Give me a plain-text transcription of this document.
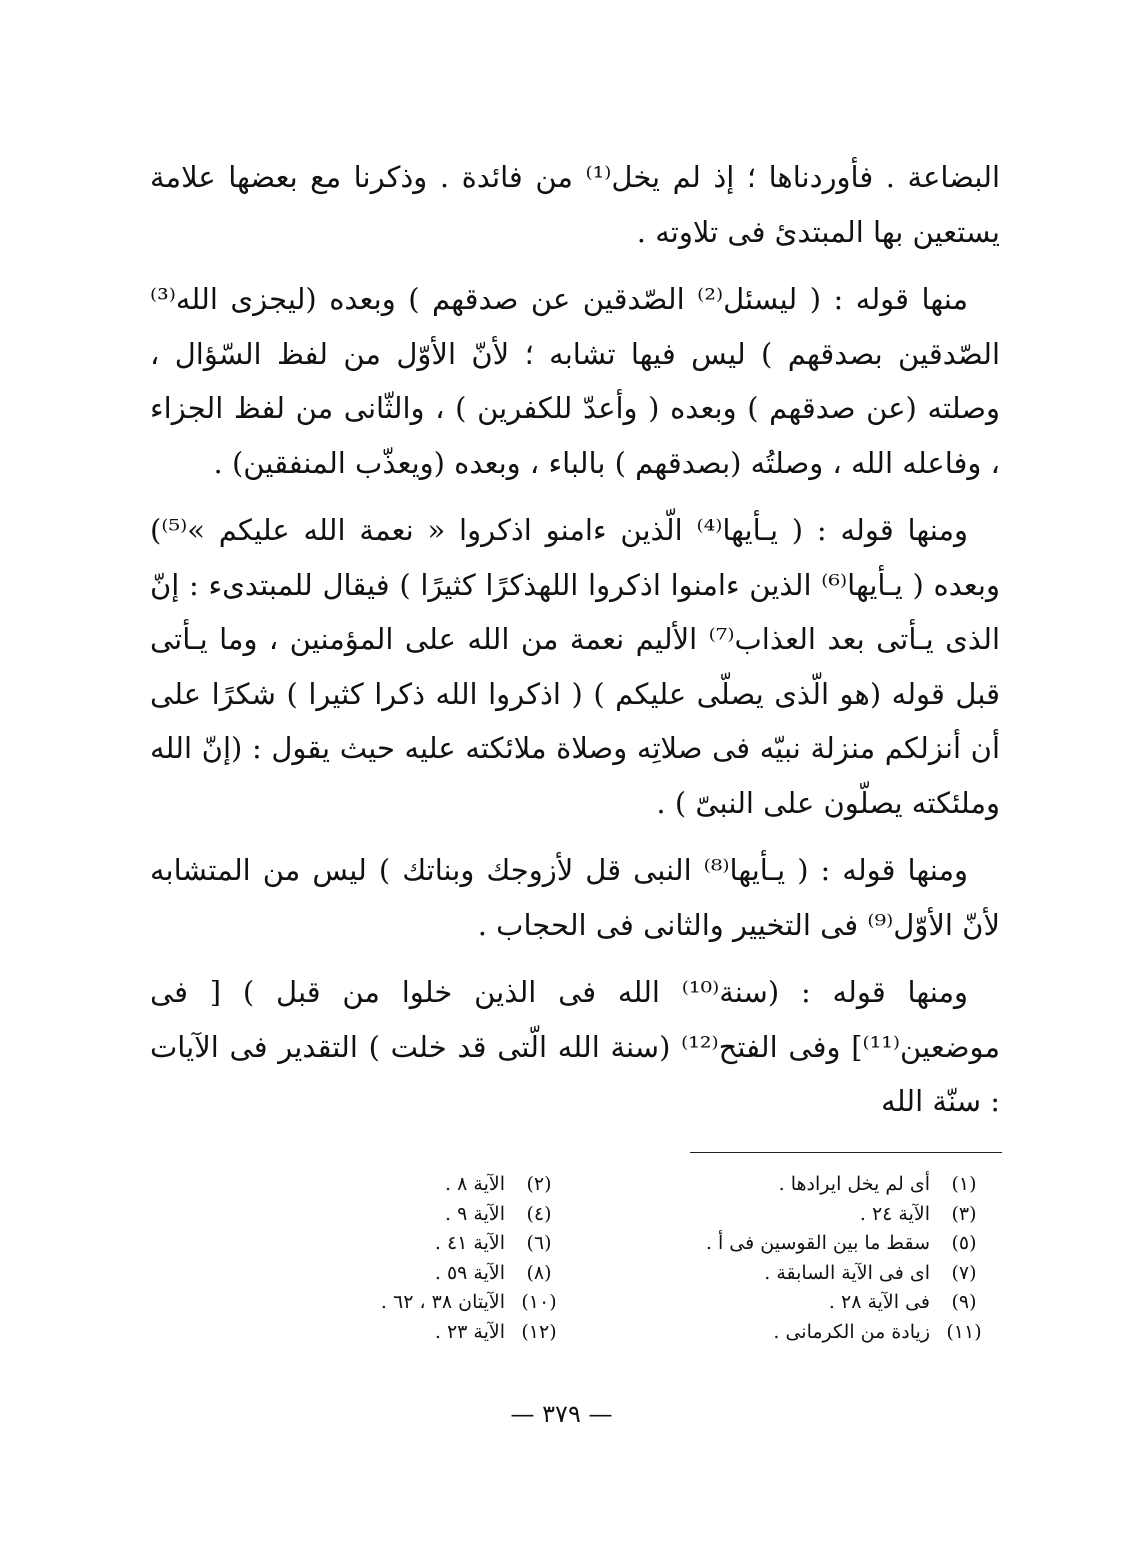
البضاعة . فأوردناها ؛ إذ لم يخل⁽¹⁾ من فائدة . وذكرنا مع بعضها علامة يستعين بها المبتدئ فى تلاوته .

منها قوله : ( ليسئل⁽²⁾ الصّدقين عن صدقهم ) وبعده (ليجزى الله⁽³⁾ الصّدقين بصدقهم ) ليس فيها تشابه ؛ لأنّ الأوّل من لفظ السّؤال ، وصلته (عن صدقهم ) وبعده ( وأعدّ للكفرين ) ، والثّانى من لفظ الجزاء ، وفاعله الله ، وصلتُه (بصدقهم ) بالباء ، وبعده (ويعذّب المنفقين) .

ومنها قوله : ( يـأيها⁽⁴⁾ الّذين ءامنو اذكروا « نعمة الله عليكم »⁽⁵⁾) وبعده ( يـأيها⁽⁶⁾ الذين ءامنوا اذكروا اللهذكرًا كثيرًا ) فيقال للمبتدىء : إنّ الذى يـأتى بعد العذاب⁽⁷⁾ الأليم نعمة من الله على المؤمنين ، وما يـأتى قبل قوله (هو الّذى يصلّى عليكم ) ( اذكروا الله ذكرا كثيرا ) شكرًا على أن أنزلكم منزلة نبيّه فى صلاتِه وصلاة ملائكته عليه حيث يقول : (إنّ الله وملئكته يصلّون على النبىّ ) .

ومنها قوله : ( يـأيها⁽⁸⁾ النبى قل لأزوجك وبناتك ) ليس من المتشابه لأنّ الأوّل⁽⁹⁾ فى التخيير والثانى فى الحجاب .

ومنها قوله : (سنة⁽¹⁰⁾ الله فى الذين خلوا من قبل ) [ فى موضعين⁽¹¹⁾] وفى الفتح⁽¹²⁾ (سنة الله الّتى قد خلت ) التقدير فى الآيات : سنّة الله

(١)
أى لم يخل ايرادها .
(٣)
الآية ٢٤ .
(٥)
سقط ما بين القوسين فى أ .
(٧)
اى فى الآية السابقة .
(٩)
فى الآية ٢٨ .
(١١)
زيادة من الكرمانى .
(٢)
الآية ٨ .
(٤)
الآية ٩ .
(٦)
الآية ٤١ .
(٨)
الآية ٥٩ .
(١٠)
الآيتان ٣٨ ، ٦٢ .
(١٢)
الآية ٢٣ .
— ٣٧٩ —
